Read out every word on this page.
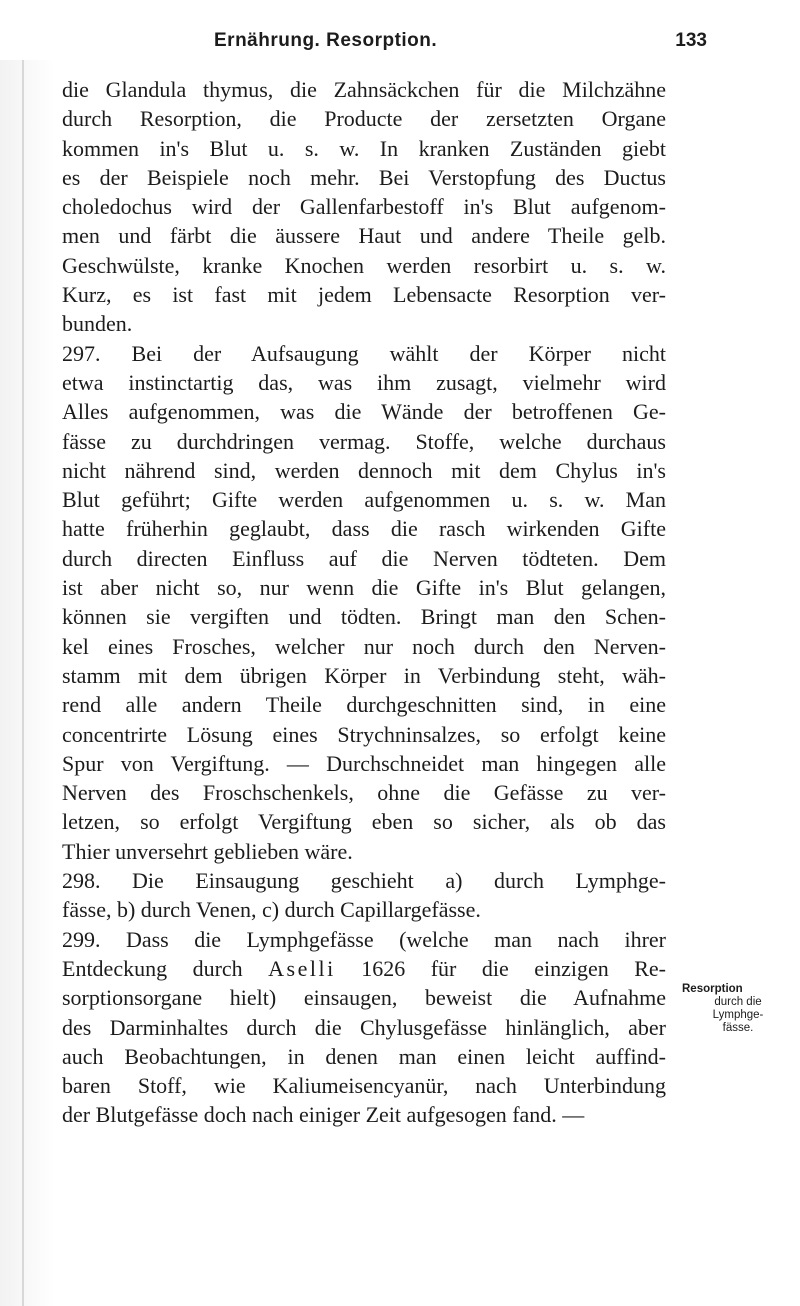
Ernährung. Resorption.	133
die Glandula thymus, die Zahnsäckchen für die Milchzähne
durch Resorption, die Producte der zersetzten Organe
kommen in's Blut u. s. w. In kranken Zuständen giebt
es der Beispiele noch mehr. Bei Verstopfung des Ductus
choledochus wird der Gallenfarbestoff in's Blut aufgenom-
men und färbt die äussere Haut und andere Theile gelb.
Geschwülste, kranke Knochen werden resorbirt u. s. w.
Kurz, es ist fast mit jedem Lebensacte Resorption ver-
bunden.
297. Bei der Aufsaugung wählt der Körper nicht
etwa instinctartig das, was ihm zusagt, vielmehr wird
Alles aufgenommen, was die Wände der betroffenen Ge-
fässe zu durchdringen vermag. Stoffe, welche durchaus
nicht nährend sind, werden dennoch mit dem Chylus in's
Blut geführt; Gifte werden aufgenommen u. s. w. Man
hatte früherhin geglaubt, dass die rasch wirkenden Gifte
durch directen Einfluss auf die Nerven tödteten. Dem
ist aber nicht so, nur wenn die Gifte in's Blut gelangen,
können sie vergiften und tödten. Bringt man den Schen-
kel eines Frosches, welcher nur noch durch den Nerven-
stamm mit dem übrigen Körper in Verbindung steht, wäh-
rend alle andern Theile durchgeschnitten sind, in eine
concentrirte Lösung eines Strychninsalzes, so erfolgt keine
Spur von Vergiftung. — Durchschneidet man hingegen alle
Nerven des Froschschenkels, ohne die Gefässe zu ver-
letzen, so erfolgt Vergiftung eben so sicher, als ob das
Thier unversehrt geblieben wäre.
298. Die Einsaugung geschieht a) durch Lymphge-
fässe, b) durch Venen, c) durch Capillargefässe.
299. Dass die Lymphgefässe (welche man nach ihrer
Entdeckung durch Aselli 1626 für die einzigen Re-
sorptionsorgane hielt) einsaugen, beweist die Aufnahme
des Darminhaltes durch die Chylusgefässe hinlänglich, aber
auch Beobachtungen, in denen man einen leicht auffind-
baren Stoff, wie Kaliumeisencyanür, nach Unterbindung
der Blutgefässe doch nach einiger Zeit aufgesogen fand. —
Resorption
durch die
Lymphge-
fässe.
